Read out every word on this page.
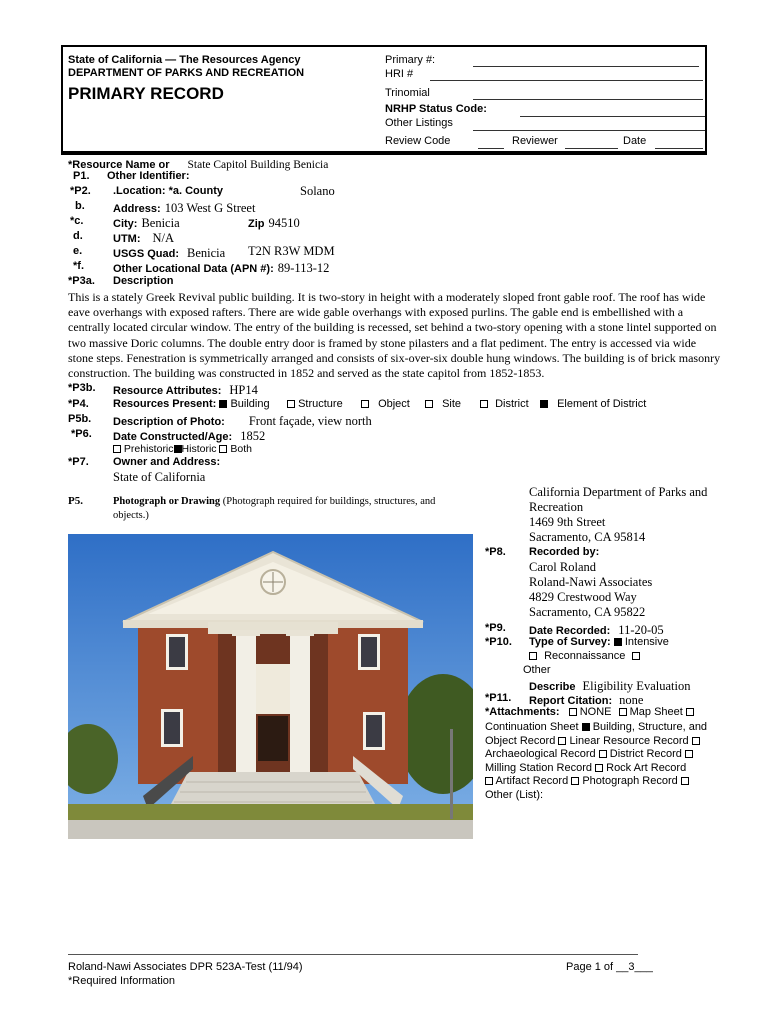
State of California — The Resources Agency
DEPARTMENT OF PARKS AND RECREATION
PRIMARY RECORD
Primary #:
HRI #
Trinomial
NRHP Status Code:
Other Listings
Review Code	Reviewer	Date
*Resource Name or State Capitol Building Benicia
P1. Other Identifier:
*P2. .Location: *a. County	Solano
b.	Address: 103 West G Street
*c.	City: Benicia	Zip 94510
d.	UTM: N/A
e.	USGS Quad: Benicia T2N R3W MDM
*f.	Other Locational Data (APN #): 89-113-12
*P3a. Description
This is a stately Greek Revival public building. It is two-story in height with a moderately sloped front gable roof. The roof has wide eave overhangs with exposed rafters. There are wide gable overhangs with exposed purlins. The gable end is embellished with a centrally located circular window. The entry of the building is recessed, set behind a two-story opening with a stone lintel supported on two massive Doric columns. The double entry door is framed by stone pilasters and a flat pediment. The entry is accessed via wide stone steps. Fenestration is symmetrically arranged and consists of six-over-six double hung windows. The building is of brick masonry construction. The building was constructed in 1852 and served as the state capitol from 1852-1853.
*P3b. Resource Attributes: HP14
*P4. Resources Present: Building	Structure	Object	Site	District	Element of District
P5b. Description of Photo: Front façade, view north
*P6. Date Constructed/Age: 1852
Prehistoric Historic Both
*P7. Owner and Address:
State of California
P5.	Photograph or Drawing (Photograph required for buildings, structures, and objects.)
California Department of Parks and
Recreation
1469 9th Street
Sacramento, CA 95814
*P8. Recorded by:
Carol Roland
Roland-Nawi Associates
4829 Crestwood Way
Sacramento, CA 95822
*P9. Date Recorded: 11-20-05
*P10. Type of Survey: Intensive
Reconnaissance
Other
Describe Eligibility Evaluation
*P11. Report Citation: none
*Attachments: NONE Map Sheet
Continuation Sheet Building, Structure, and
Object Record Linear Resource Record
Archaeological Record District Record
Milling Station Record Rock Art Record
Artifact Record Photograph Record
Other (List):
Roland-Nawi Associates DPR 523A-Test (11/94)
*Required Information
Page 1 of __3___
